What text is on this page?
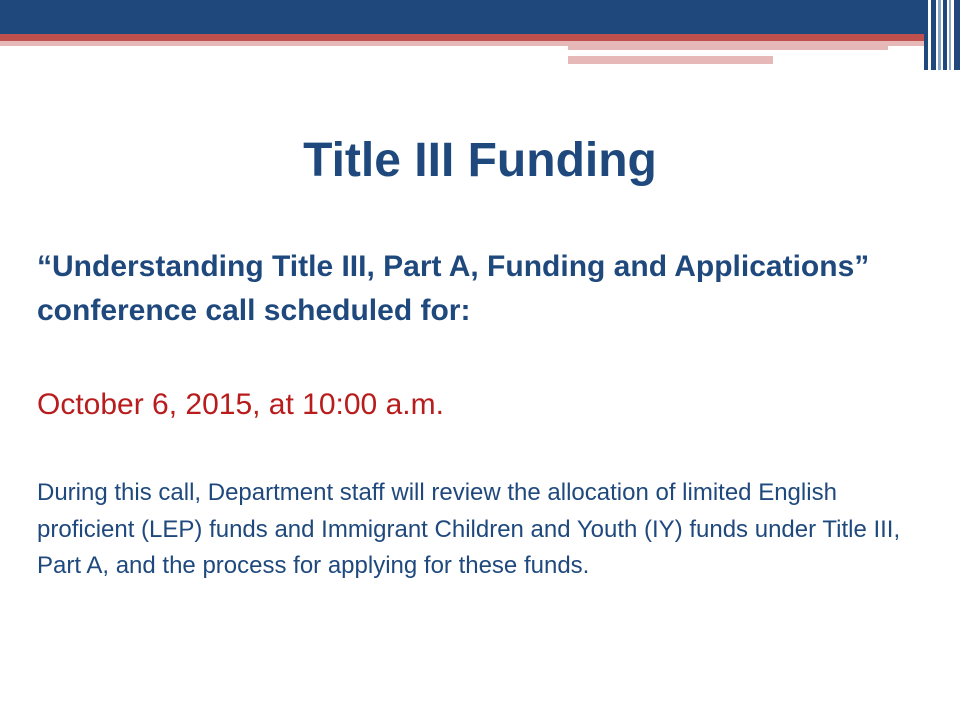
Title III Funding
“Understanding Title III, Part A, Funding and Applications” conference call scheduled for:
October 6, 2015, at 10:00 a.m.
During this call, Department staff will review the allocation of limited English proficient (LEP) funds and Immigrant Children and Youth (IY) funds under Title III, Part A, and the process for applying for these funds.
